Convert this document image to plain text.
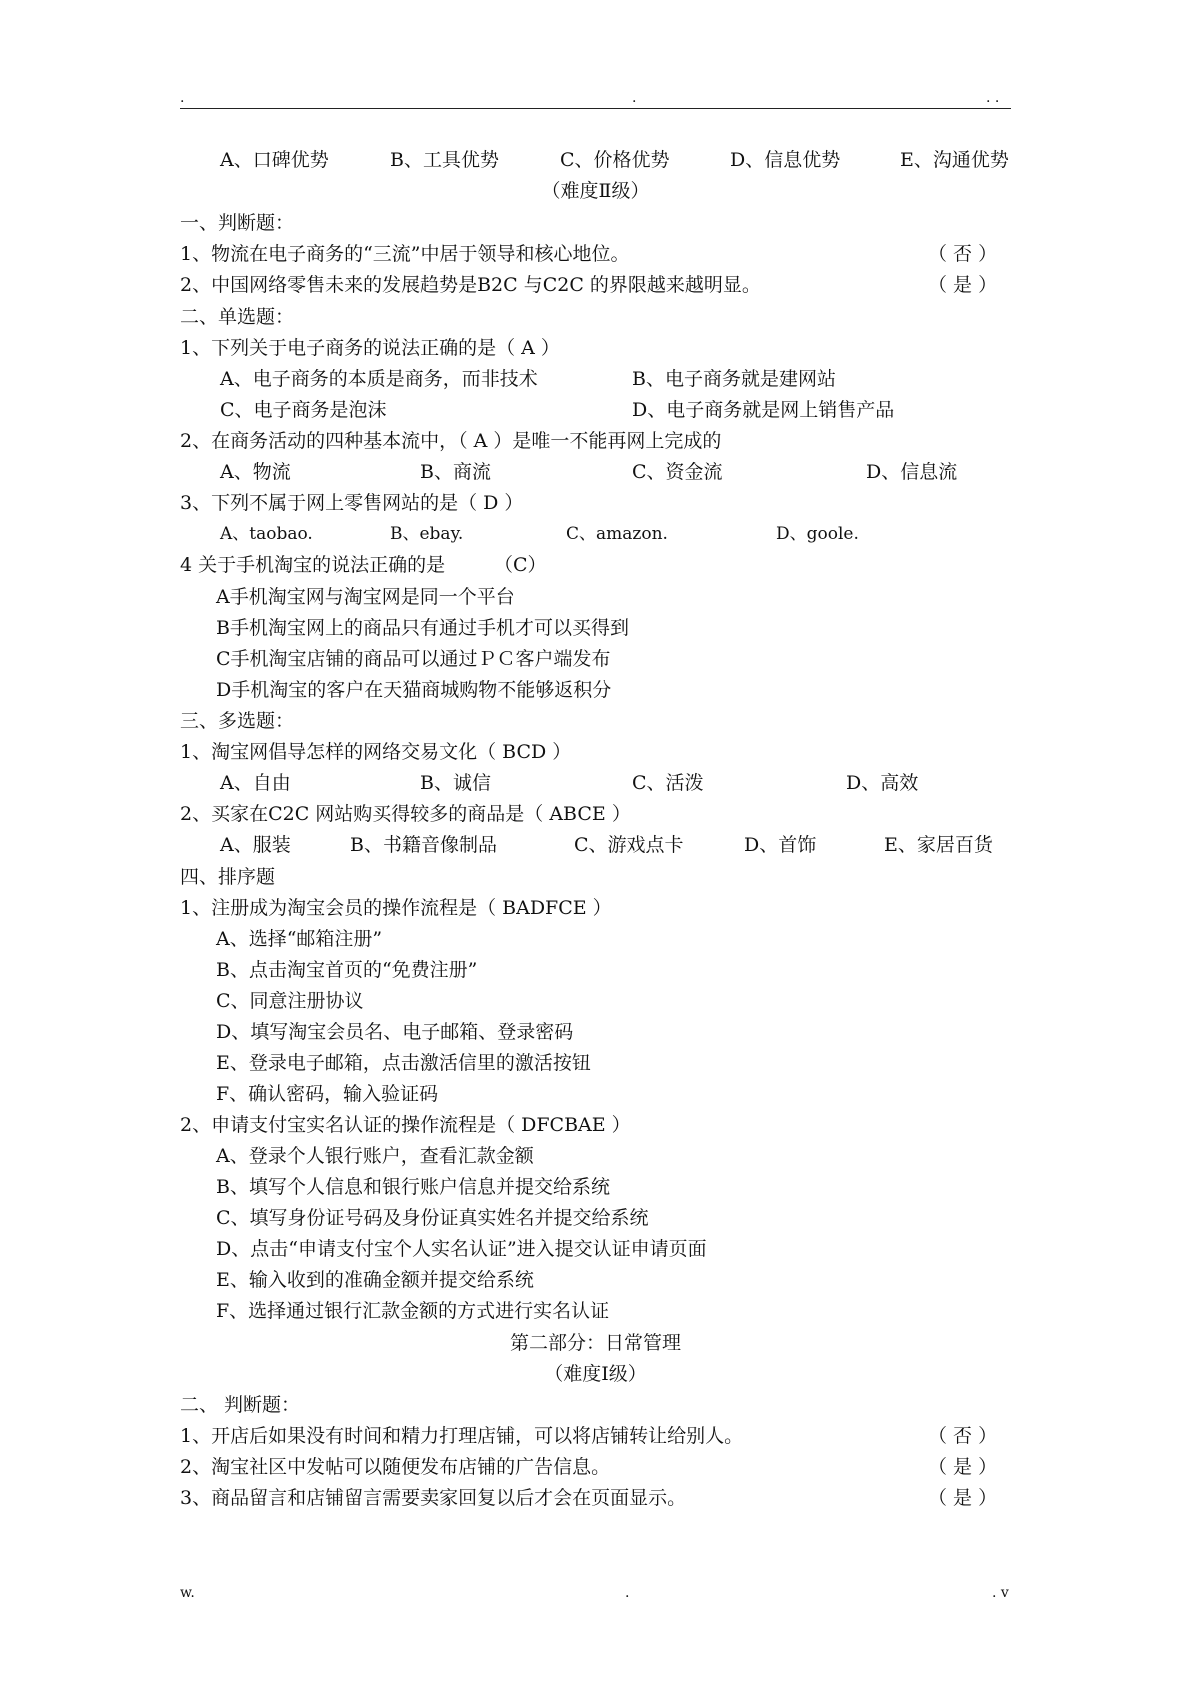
.	.	. .
A、口碑优势	B、工具优势	C、价格优势	D、信息优势	E、沟通优势
（难度Ⅱ级）
一、判断题：
1、物流在电子商务的“三流”中居于领导和核心地位。	（ 否 ）
2、中国网络零售未来的发展趋势是B2C 与C2C 的界限越来越明显。	（ 是 ）
二、单选题：
1、下列关于电子商务的说法正确的是（ A ）
A、电子商务的本质是商务，而非技术	B、电子商务就是建网站
C、电子商务是泡沫	D、电子商务就是网上销售产品
2、在商务活动的四种基本流中，（ A ）是唯一不能再网上完成的
A、物流	B、商流	C、资金流	D、信息流
3、下列不属于网上零售网站的是（ D ）
A、taobao.	B、ebay.	C、amazon.	D、goole.
4 关于手机淘宝的说法正确的是	（C）
A手机淘宝网与淘宝网是同一个平台
B手机淘宝网上的商品只有通过手机才可以买得到
C手机淘宝店铺的商品可以通过ＰＣ客户端发布
D手机淘宝的客户在天猫商城购物不能够返积分
三、多选题：
1、淘宝网倡导怎样的网络交易文化（ BCD ）
A、自由	B、诚信	C、活泼	D、高效
2、买家在C2C 网站购买得较多的商品是（ ABCE ）
A、服装	B、书籍音像制品	C、游戏点卡	D、首饰	E、家居百货
四、排序题
1、注册成为淘宝会员的操作流程是（ BADFCE ）
A、选择“邮箱注册”
B、点击淘宝首页的“免费注册”
C、同意注册协议
D、填写淘宝会员名、电子邮箱、登录密码
E、登录电子邮箱，点击激活信里的激活按钮
F、确认密码，输入验证码
2、申请支付宝实名认证的操作流程是（ DFCBAE ）
A、登录个人银行账户，查看汇款金额
B、填写个人信息和银行账户信息并提交给系统
C、填写身份证号码及身份证真实姓名并提交给系统
D、点击“申请支付宝个人实名认证”进入提交认证申请页面
E、输入收到的准确金额并提交给系统
F、选择通过银行汇款金额的方式进行实名认证
第二部分：日常管理
（难度Ⅰ级）
二、 判断题：
1、开店后如果没有时间和精力打理店铺，可以将店铺转让给别人。	（ 否 ）
2、淘宝社区中发帖可以随便发布店铺的广告信息。	（ 是 ）
3、商品留言和店铺留言需要卖家回复以后才会在页面显示。	（ 是 ）
w.	.	. v
